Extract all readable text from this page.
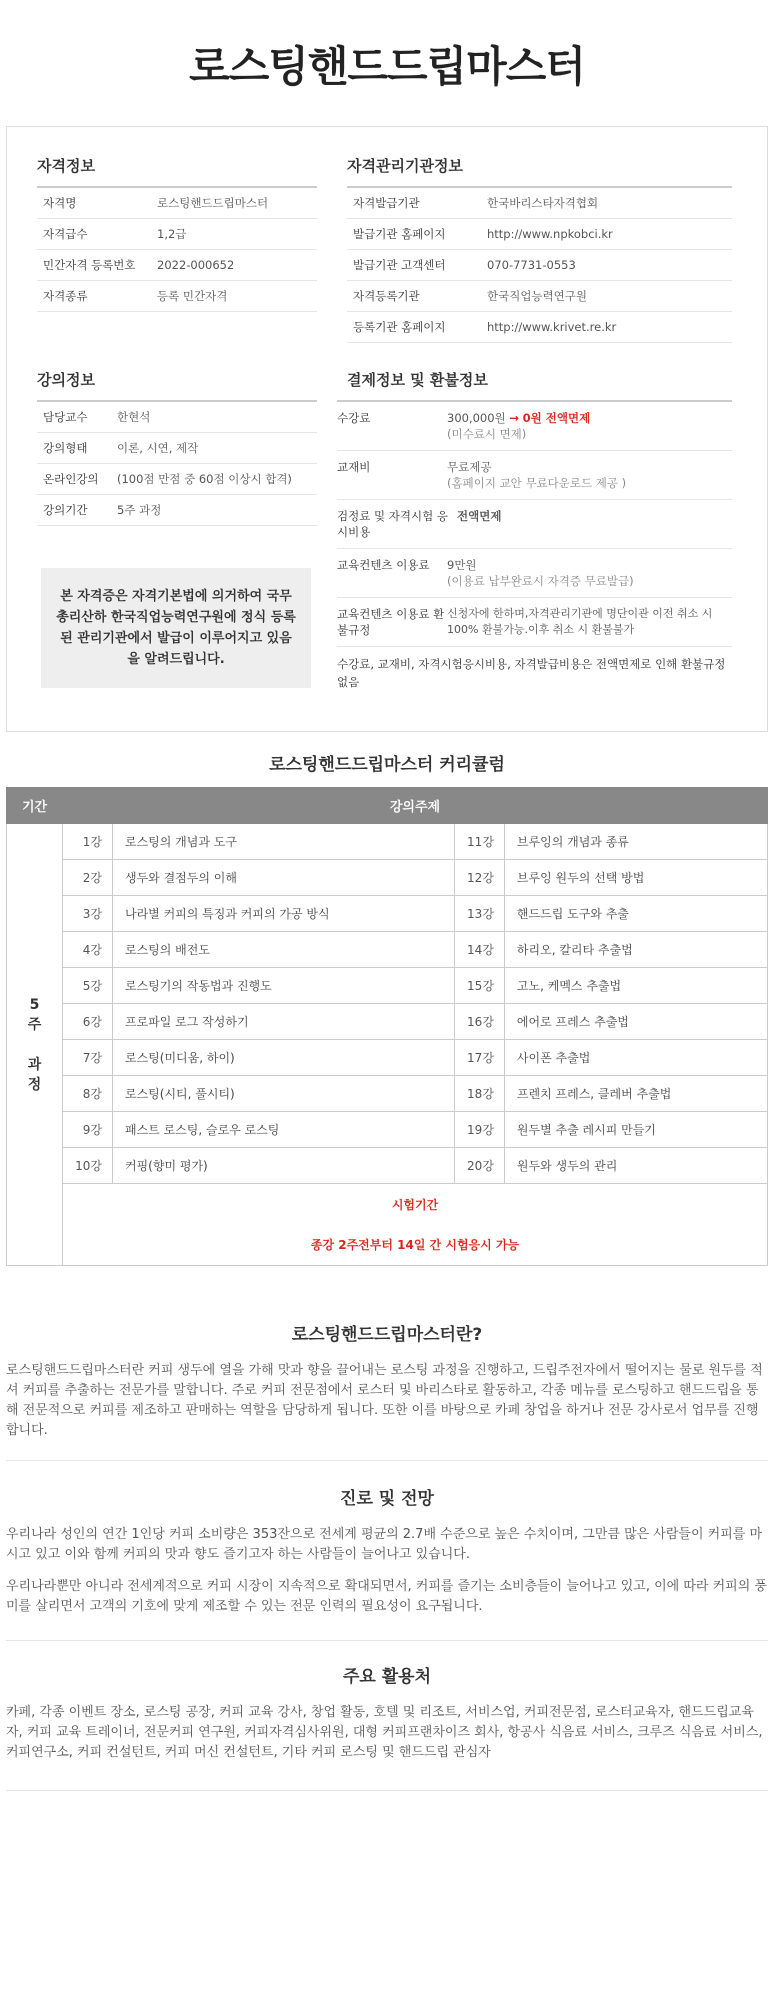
로스팅핸드드립마스터
자격정보
자격명	로스팅핸드드립마스터
자격급수	1,2급
민간자격 등록번호	2022-000652
자격종류	등록 민간자격
자격관리기관정보
자격발급기관	한국바리스타자격협회
발급기관 홈페이지	http://www.npkobci.kr
발급기관 고객센터	070-7731-0553
자격등록기관	한국직업능력연구원
등록기관 홈페이지	http://www.krivet.re.kr
강의정보
담당교수	한현석
강의형태	이론, 시연, 제작
온라인강의	(100점 만점 중 60점 이상시 합격)
강의기간	5주 과정
본 자격증은 자격기본법에 의거하여 국무총리산하 한국직업능력연구원에 정식 등록된 관리기관에서 발급이 이루어지고 있음을 알려드립니다.
결제정보 및 환불정보
수강료	300,000원 → 0원 전액면제
(미수료시 면제)
교재비	무료제공
(홈페이지 교안 무료다운로드 제공 )
검정료 및 자격시험 응시비용
전액면제
교육컨텐츠 이용료	9만원
(이용료 납부완료시 자격증 무료발급)
교육컨텐츠 이용료 환불규정
신청자에 한하며,자격관리기관에 명단이관 이전 취소 시 100% 환불가능.이후 취소 시 환불불가
수강료, 교재비, 자격시험응시비용, 자격발급비용은 전액면제로 인해 환불규정 없음
로스팅핸드드립마스터 커리큘럼
기간	강의주제			

5
주
과
정	1강	로스팅의 개념과 도구	11강	브루잉의 개념과 종류
	2강	생두와 결점두의 이해	12강	브루잉 원두의 선택 방법
	3강	나라별 커피의 특징과 커피의 가공 방식	13강	핸드드립 도구와 추출
	4강	로스팅의 배전도	14강	하리오, 칼리타 추출법
	5강	로스팅기의 작동법과 진행도	15강	고노, 케멕스 추출법
	6강	프로파일 로그 작성하기	16강	에어로 프레스 추출법
	7강	로스팅(미디움, 하이)	17강	사이폰 추출법
	8강	로스팅(시티, 풀시티)	18강	프렌치 프레스, 클레버 추출법
	9강	패스트 로스팅, 슬로우 로스팅	19강	원두별 추출 레시피 만들기
	10강	커핑(향미 평가)	20강	원두와 생두의 관리

	시험기간
종강 2주전부터 14일 간 시험응시 가능			
로스팅핸드드립마스터란?

로스팅핸드드립마스터란 커피 생두에 열을 가해 맛과 향을 끌어내는 로스팅 과정을 진행하고, 드립주전자에서 떨어지는 물로 원두를 적셔 커피를 추출하는 전문가를 말합니다. 주로 커피 전문점에서 로스터 및 바리스타로 활동하고, 각종 메뉴를 로스팅하고 핸드드립을 통해 전문적으로 커피를 제조하고 판매하는 역할을 담당하게 됩니다. 또한 이를 바탕으로 카페 창업을 하거나 전문 강사로서 업무를 진행합니다.

진로 및 전망

우리나라 성인의 연간 1인당 커피 소비량은 353잔으로 전세계 평균의 2.7배 수준으로 높은 수치이며, 그만큼 많은 사람들이 커피를 마시고 있고 이와 함께 커피의 맛과 향도 즐기고자 하는 사람들이 늘어나고 있습니다.

우리나라뿐만 아니라 전세계적으로 커피 시장이 지속적으로 확대되면서, 커피를 즐기는 소비층들이 늘어나고 있고, 이에 따라 커피의 풍미를 살리면서 고객의 기호에 맞게 제조할 수 있는 전문 인력의 필요성이 요구됩니다.

주요 활용처

카페, 각종 이벤트 장소, 로스팅 공장, 커피 교육 강사, 창업 활동, 호텔 및 리조트, 서비스업, 커피전문점, 로스터교육자, 핸드드립교육자, 커피 교육 트레이너, 전문커피 연구원, 커피자격심사위원, 대형 커피프랜차이즈 회사, 항공사 식음료 서비스, 크루즈 식음료 서비스, 커피연구소, 커피 컨설턴트, 커피 머신 컨설턴트, 기타 커피 로스팅 및 핸드드립 관심자
